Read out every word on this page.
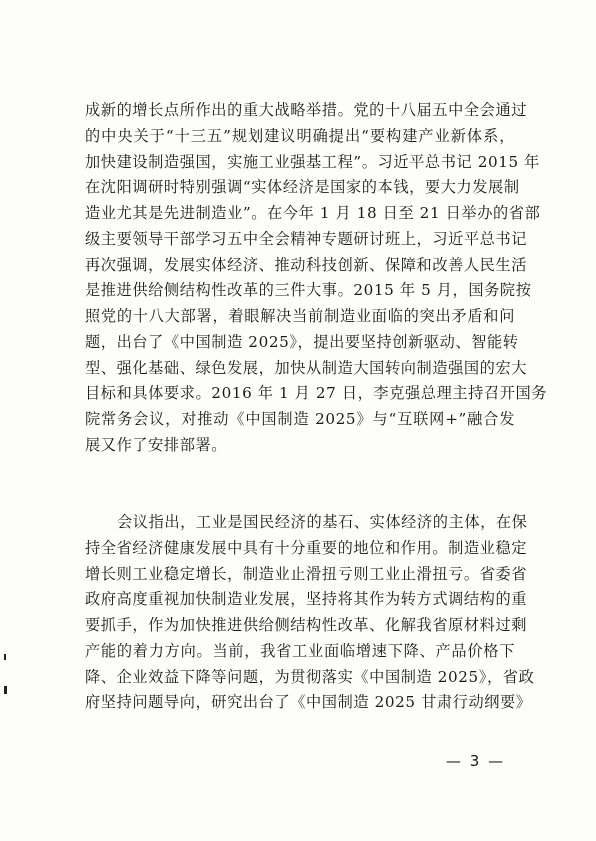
成新的增长点所作出的重大战略举措。党的十八届五中全会通过
的中央关于“十三五”规划建议明确提出“要构建产业新体系，
加快建设制造强国，实施工业强基工程”。习近平总书记 2015 年
在沈阳调研时特别强调“实体经济是国家的本钱，要大力发展制
造业尤其是先进制造业”。在今年 1 月 18 日至 21 日举办的省部
级主要领导干部学习五中全会精神专题研讨班上，习近平总书记
再次强调，发展实体经济、推动科技创新、保障和改善人民生活
是推进供给侧结构性改革的三件大事。2015 年 5 月，国务院按
照党的十八大部署，着眼解决当前制造业面临的突出矛盾和问
题，出台了《中国制造 2025》，提出要坚持创新驱动、智能转
型、强化基础、绿色发展，加快从制造大国转向制造强国的宏大
目标和具体要求。2016 年 1 月 27 日，李克强总理主持召开国务
院常务会议，对推动《中国制造 2025》与“互联网+”融合发
展又作了安排部署。
会议指出，工业是国民经济的基石、实体经济的主体，在保
持全省经济健康发展中具有十分重要的地位和作用。制造业稳定
增长则工业稳定增长，制造业止滑扭亏则工业止滑扭亏。省委省
政府高度重视加快制造业发展，坚持将其作为转方式调结构的重
要抓手，作为加快推进供给侧结构性改革、化解我省原材料过剩
产能的着力方向。当前，我省工业面临增速下降、产品价格下
降、企业效益下降等问题，为贯彻落实《中国制造 2025》，省政
府坚持问题导向，研究出台了《中国制造 2025 甘肃行动纲要》
— 3 —
